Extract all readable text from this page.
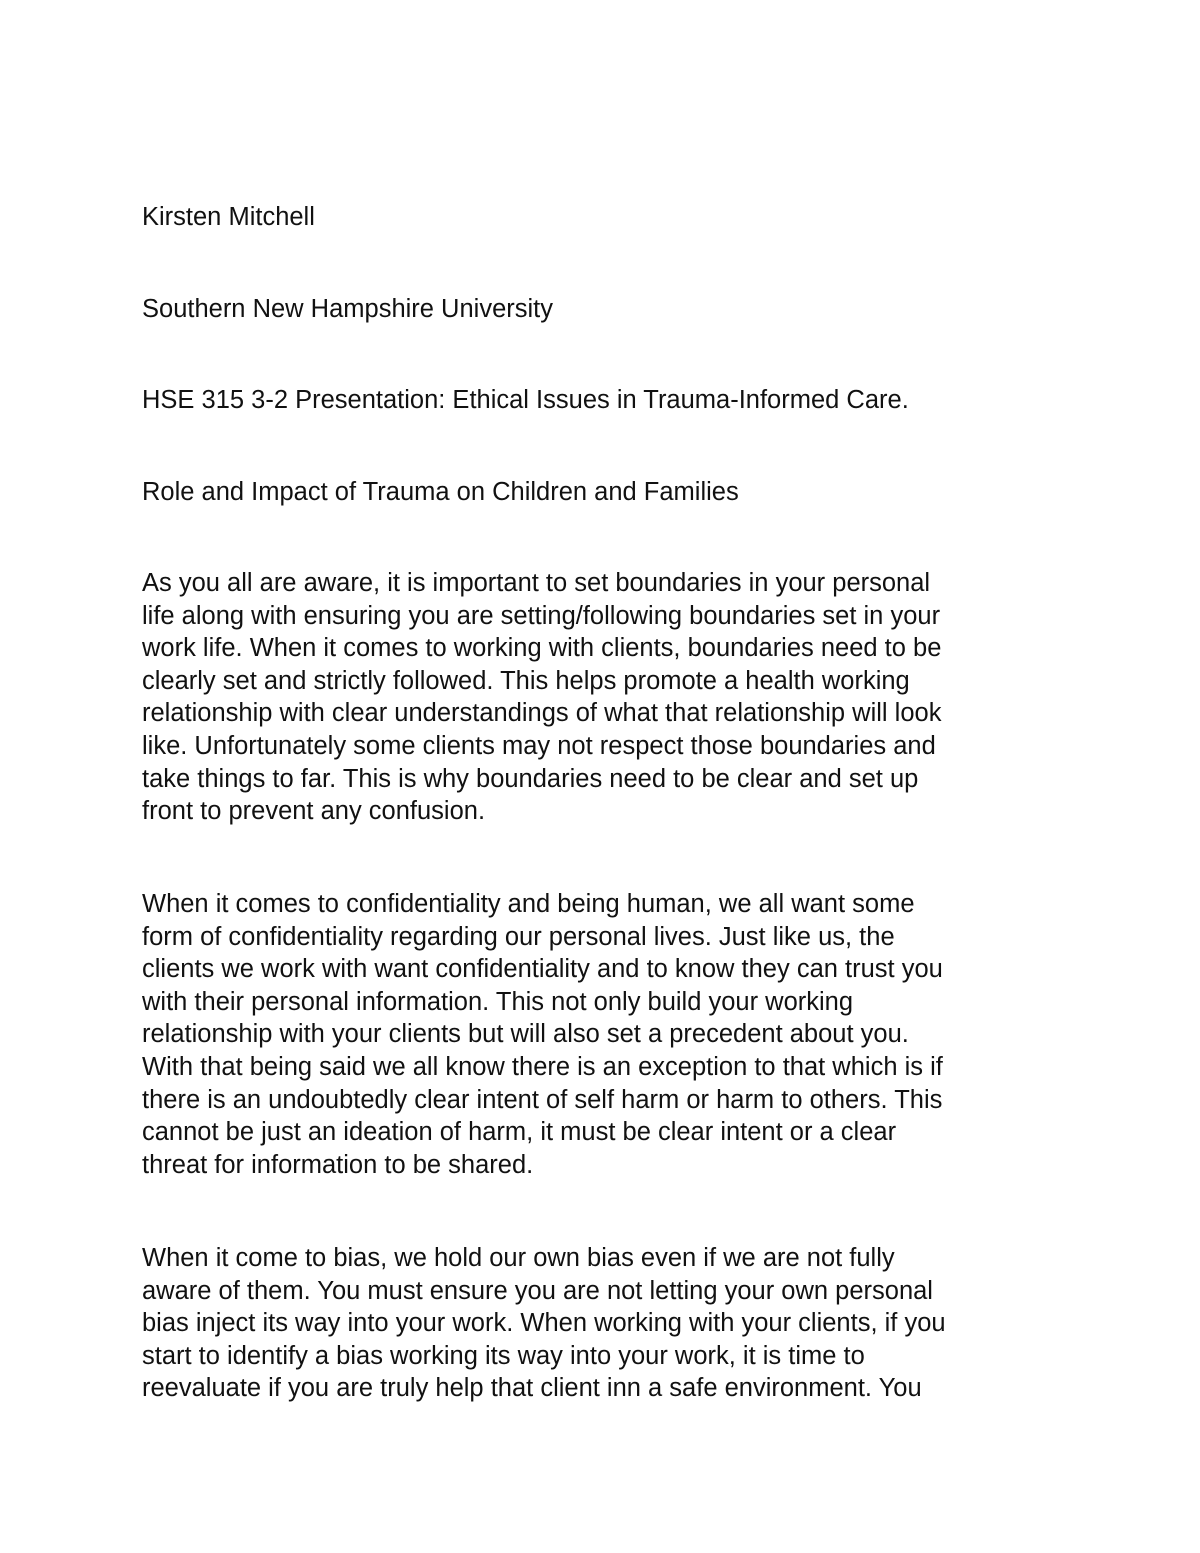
Kirsten Mitchell

Southern New Hampshire University

HSE 315 3-2 Presentation: Ethical Issues in Trauma-Informed Care.

Role and Impact of Trauma on Children and Families

As you all are aware, it is important to set boundaries in your personal
life along with ensuring you are setting/following boundaries set in your
work life. When it comes to working with clients, boundaries need to be
clearly set and strictly followed. This helps promote a health working
relationship with clear understandings of what that relationship will look
like. Unfortunately some clients may not respect those boundaries and
take things to far. This is why boundaries need to be clear and set up
front to prevent any confusion.
When it comes to confidentiality and being human, we all want some
form of confidentiality regarding our personal lives. Just like us, the
clients we work with want confidentiality and to know they can trust you
with their personal information. This not only build your working
relationship with your clients but will also set a precedent about you.
With that being said we all know there is an exception to that which is if
there is an undoubtedly clear intent of self harm or harm to others. This
cannot be just an ideation of harm, it must be clear intent or a clear
threat for information to be shared.
When it come to bias, we hold our own bias even if we are not fully
aware of them. You must ensure you are not letting your own personal
bias inject its way into your work. When working with your clients, if you
start to identify a bias working its way into your work, it is time to
reevaluate if you are truly help that client inn a safe environment. You
